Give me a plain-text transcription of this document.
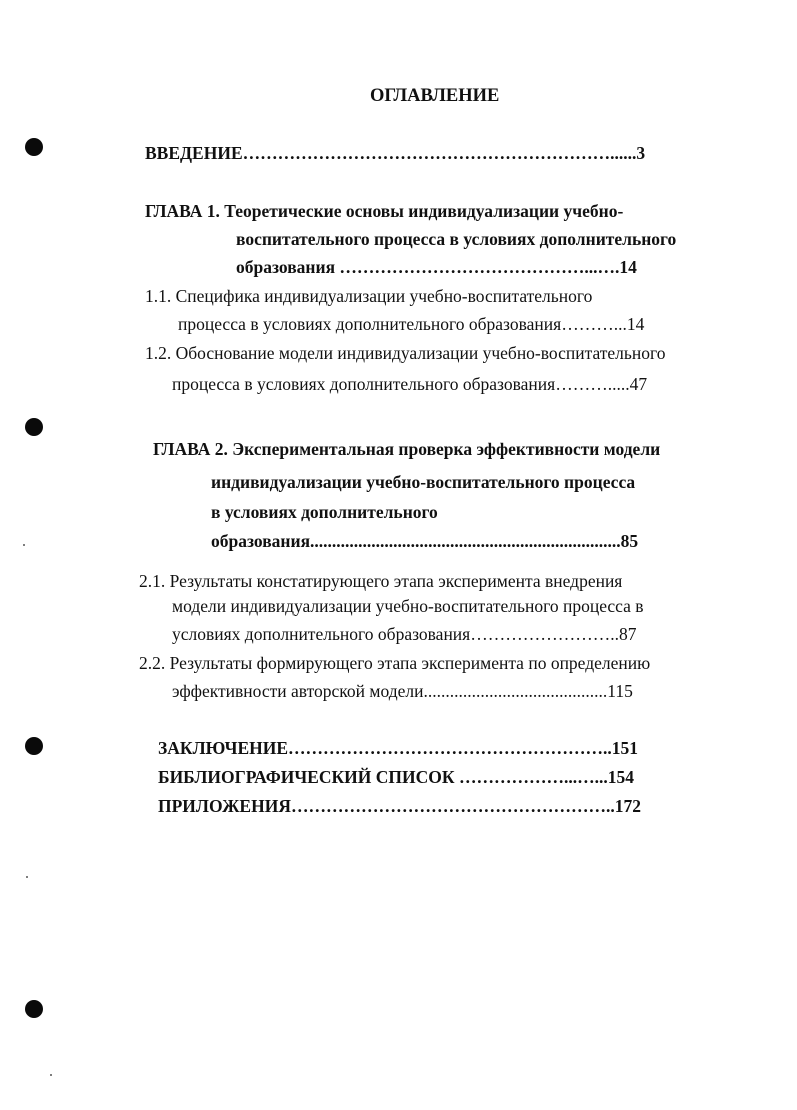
ОГЛАВЛЕНИЕ
ВВЕДЕНИЕ………………………………………………………......3
ГЛАВА 1. Теоретические основы индивидуализации учебно-
воспитательного процесса в условиях дополнительного
образования ……………………………………...….14
1.1. Специфика индивидуализации учебно-воспитательного
процесса в условиях дополнительного образования………...14
1.2. Обоснование модели индивидуализации учебно-воспитательного
процесса в условиях дополнительного образования……….....47
ГЛАВА 2. Экспериментальная проверка эффективности модели
индивидуализации учебно-воспитательного процесса
в условиях дополнительного
образования.......................................................................85
2.1. Результаты констатирующего этапа эксперимента внедрения
модели индивидуализации учебно-воспитательного процесса в
условиях дополнительного образования……………………..87
2.2. Результаты формирующего этапа эксперимента по определению
эффективности авторской модели..........................................115
ЗАКЛЮЧЕНИЕ………………………………………………..151
БИБЛИОГРАФИЧЕСКИЙ СПИСОК ………………...…...154
ПРИЛОЖЕНИЯ………………………………………………..172
